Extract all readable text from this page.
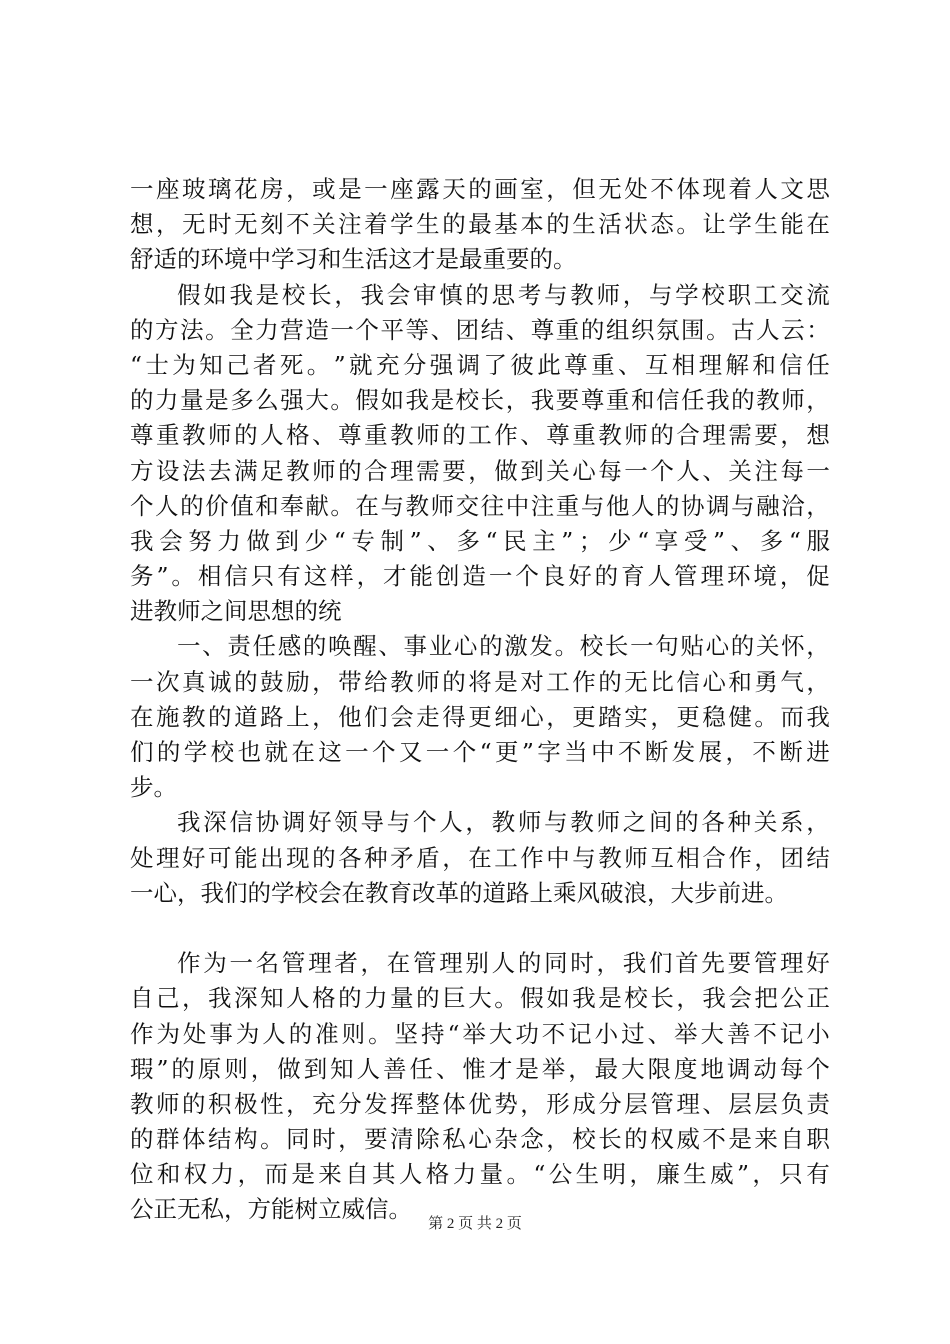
一 座 玻 璃 花 房 ， 或 是 一 座 露 天 的 画 室 ， 但 无 处 不 体 现 着 人 文 思
想 ， 无 时 无 刻 不 关 注 着 学 生 的 最 基 本 的 生 活 状 态 。 让 学 生 能 在
舒适的环境中学习和生活这才是最重要的。
假 如 我 是 校 长 ， 我 会 审 慎 的 思 考 与 教 师 ， 与 学 校 职 工 交 流
的 方 法 。 全 力 营 造 一 个 平 等 、 团 结 、 尊 重 的 组 织 氛 围 。 古 人 云 ：
“ 士 为 知 己 者 死 。 ” 就 充 分 强 调 了 彼 此 尊 重 、 互 相 理 解 和 信 任
的 力 量 是 多 么 强 大 。 假 如 我 是 校 长 ， 我 要 尊 重 和 信 任 我 的 教 师 ，
尊 重 教 师 的 人 格 、 尊 重 教 师 的 工 作 、 尊 重 教 师 的 合 理 需 要 ， 想
方 设 法 去 满 足 教 师 的 合 理 需 要 ， 做 到 关 心 每 一 个 人 、 关 注 每 一
个 人 的 价 值 和 奉 献 。 在 与 教 师 交 往 中 注 重 与 他 人 的 协 调 与 融 洽 ，
我 会 努 力 做 到 少 “ 专 制 ” 、 多 “ 民 主 ” ； 少 “ 享 受 ” 、 多 “ 服
务 ” 。 相 信 只 有 这 样 ， 才 能 创 造 一 个 良 好 的 育 人 管 理 环 境 ， 促
进教师之间思想的统
一 、 责 任 感 的 唤 醒 、 事 业 心 的 激 发 。 校 长 一 句 贴 心 的 关 怀 ，
一 次 真 诚 的 鼓 励 ， 带 给 教 师 的 将 是 对 工 作 的 无 比 信 心 和 勇 气 ，
在 施 教 的 道 路 上 ， 他 们 会 走 得 更 细 心 ， 更 踏 实 ， 更 稳 健 。 而 我
们 的 学 校 也 就 在 这 一 个 又 一 个 “ 更 ” 字 当 中 不 断 发 展 ， 不 断 进
步。
我 深 信 协 调 好 领 导 与 个 人 ， 教 师 与 教 师 之 间 的 各 种 关 系 ，
处 理 好 可 能 出 现 的 各 种 矛 盾 ， 在 工 作 中 与 教 师 互 相 合 作 ， 团 结
一心，我们的学校会在教育改革的道路上乘风破浪，大步前进。
作 为 一 名 管 理 者 ， 在 管 理 别 人 的 同 时 ， 我 们 首 先 要 管 理 好
自 己 ， 我 深 知 人 格 的 力 量 的 巨 大 。 假 如 我 是 校 长 ， 我 会 把 公 正
作 为 处 事 为 人 的 准 则 。 坚 持 “ 举 大 功 不 记 小 过 、 举 大 善 不 记 小
瑕 ” 的 原 则 ， 做 到 知 人 善 任 、 惟 才 是 举 ， 最 大 限 度 地 调 动 每 个
教 师 的 积 极 性 ， 充 分 发 挥 整 体 优 势 ， 形 成 分 层 管 理 、 层 层 负 责
的 群 体 结 构 。 同 时 ， 要 清 除 私 心 杂 念 ， 校 长 的 权 威 不 是 来 自 职
位 和 权 力 ， 而 是 来 自 其 人 格 力 量 。 “ 公 生 明 ， 廉 生 威 ” ， 只 有
公正无私，方能树立威信。
第 2 页 共 2 页
